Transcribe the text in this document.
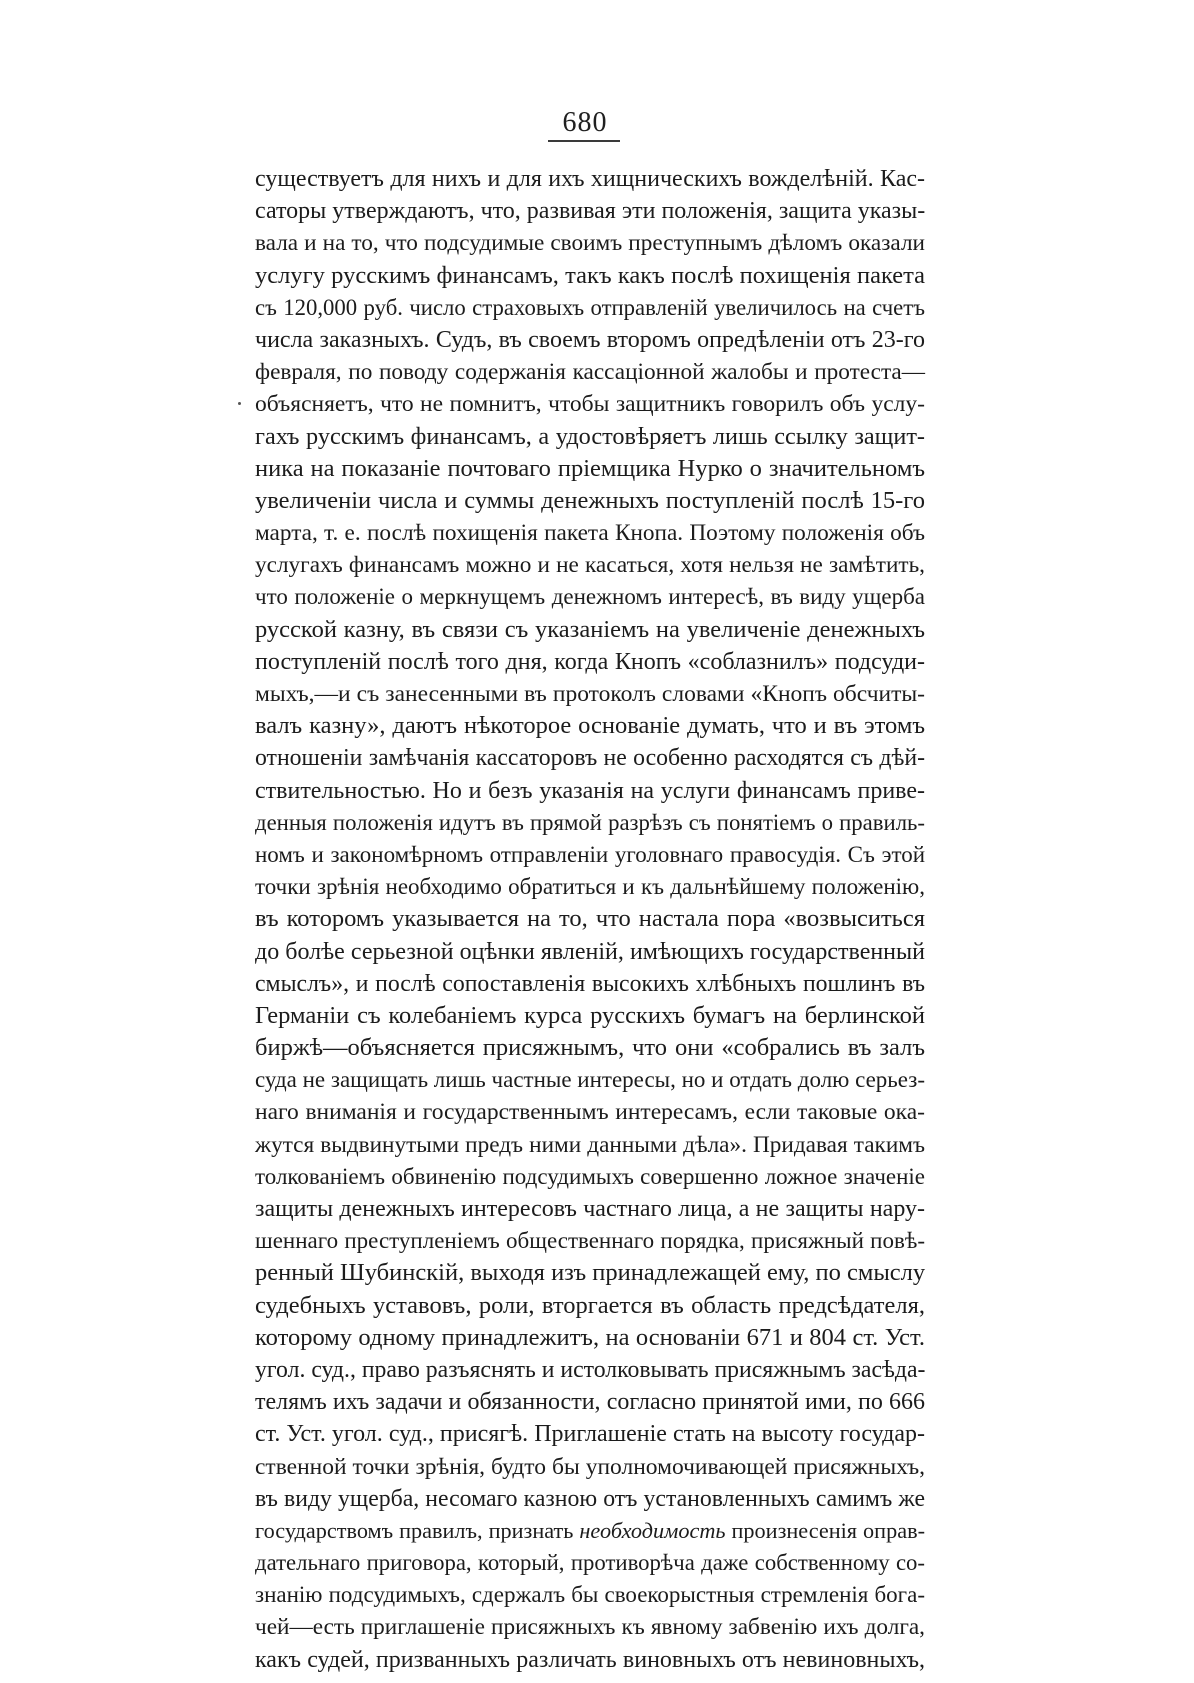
680
существуетъ для нихъ и для ихъ хищническихъ вожделѣній. Кас-
саторы утверждаютъ, что, развивая эти положенія, защита указы-
вала и на то, что подсудимые своимъ преступнымъ дѣломъ оказали
услугу русскимъ финансамъ, такъ какъ послѣ похищенія пакета
съ 120,000 руб. число страховыхъ отправленій увеличилось на счетъ
числа заказныхъ. Судъ, въ своемъ второмъ опредѣленіи отъ 23-го
февраля, по поводу содержанія кассаціонной жалобы и протеста—
объясняетъ, что не помнитъ, чтобы защитникъ говорилъ объ услу-
гахъ русскимъ финансамъ, а удостовѣряетъ лишь ссылку защит-
ника на показаніе почтоваго пріемщика Нурко о значительномъ
увеличеніи числа и суммы денежныхъ поступленій послѣ 15-го
марта, т. е. послѣ похищенія пакета Кнопа. Поэтому положенія объ
услугахъ финансамъ можно и не касаться, хотя нельзя не замѣтить,
что положеніе о меркнущемъ денежномъ интересѣ, въ виду ущерба
русской казну, въ связи съ указаніемъ на увеличеніе денежныхъ
поступленій послѣ того дня, когда Кнопъ «соблазнилъ» подсуди-
мыхъ,—и съ занесенными въ протоколъ словами «Кнопъ обсчиты-
валъ казну», даютъ нѣкоторое основаніе думать, что и въ этомъ
отношеніи замѣчанія кассаторовъ не особенно расходятся съ дѣй-
ствительностью. Но и безъ указанія на услуги финансамъ приве-
денныя положенія идутъ въ прямой разрѣзъ съ понятіемъ о правиль-
номъ и закономѣрномъ отправленіи уголовнаго правосудія. Съ этой
точки зрѣнія необходимо обратиться и къ дальнѣйшему положенію,
въ которомъ указывается на то, что настала пора «возвыситься
до болѣе серьезной оцѣнки явленій, имѣющихъ государственный
смыслъ», и послѣ сопоставленія высокихъ хлѣбныхъ пошлинъ въ
Германіи съ колебаніемъ курса русскихъ бумагъ на берлинской
биржѣ—объясняется присяжнымъ, что они «собрались въ залъ
суда не защищать лишь частные интересы, но и отдать долю серьез-
наго вниманія и государственнымъ интересамъ, если таковые ока-
жутся выдвинутыми предъ ними данными дѣла». Придавая такимъ
толкованіемъ обвиненію подсудимыхъ совершенно ложное значеніе
защиты денежныхъ интересовъ частнаго лица, а не защиты нару-
шеннаго преступленіемъ общественнаго порядка, присяжный повѣ-
ренный Шубинскій, выходя изъ принадлежащей ему, по смыслу
судебныхъ уставовъ, роли, вторгается въ область предсѣдателя,
которому одному принадлежитъ, на основаніи 671 и 804 ст. Уст.
угол. суд., право разъяснять и истолковывать присяжнымъ засѣда-
телямъ ихъ задачи и обязанности, согласно принятой ими, по 666
ст. Уст. угол. суд., присягѣ. Приглашеніе стать на высоту государ-
ственной точки зрѣнія, будто бы уполномочивающей присяжныхъ,
въ виду ущерба, несомаго казною отъ установленныхъ самимъ же
государствомъ правилъ, признать необходимость произнесенія оправ-
дательнаго приговора, который, противорѣча даже собственному со-
знанію подсудимыхъ, сдержалъ бы своекорыстныя стремленія бога-
чей—есть приглашеніе присяжныхъ къ явному забвенію ихъ долга,
какъ судей, призванныхъ различать виновныхъ отъ невиновныхъ,
